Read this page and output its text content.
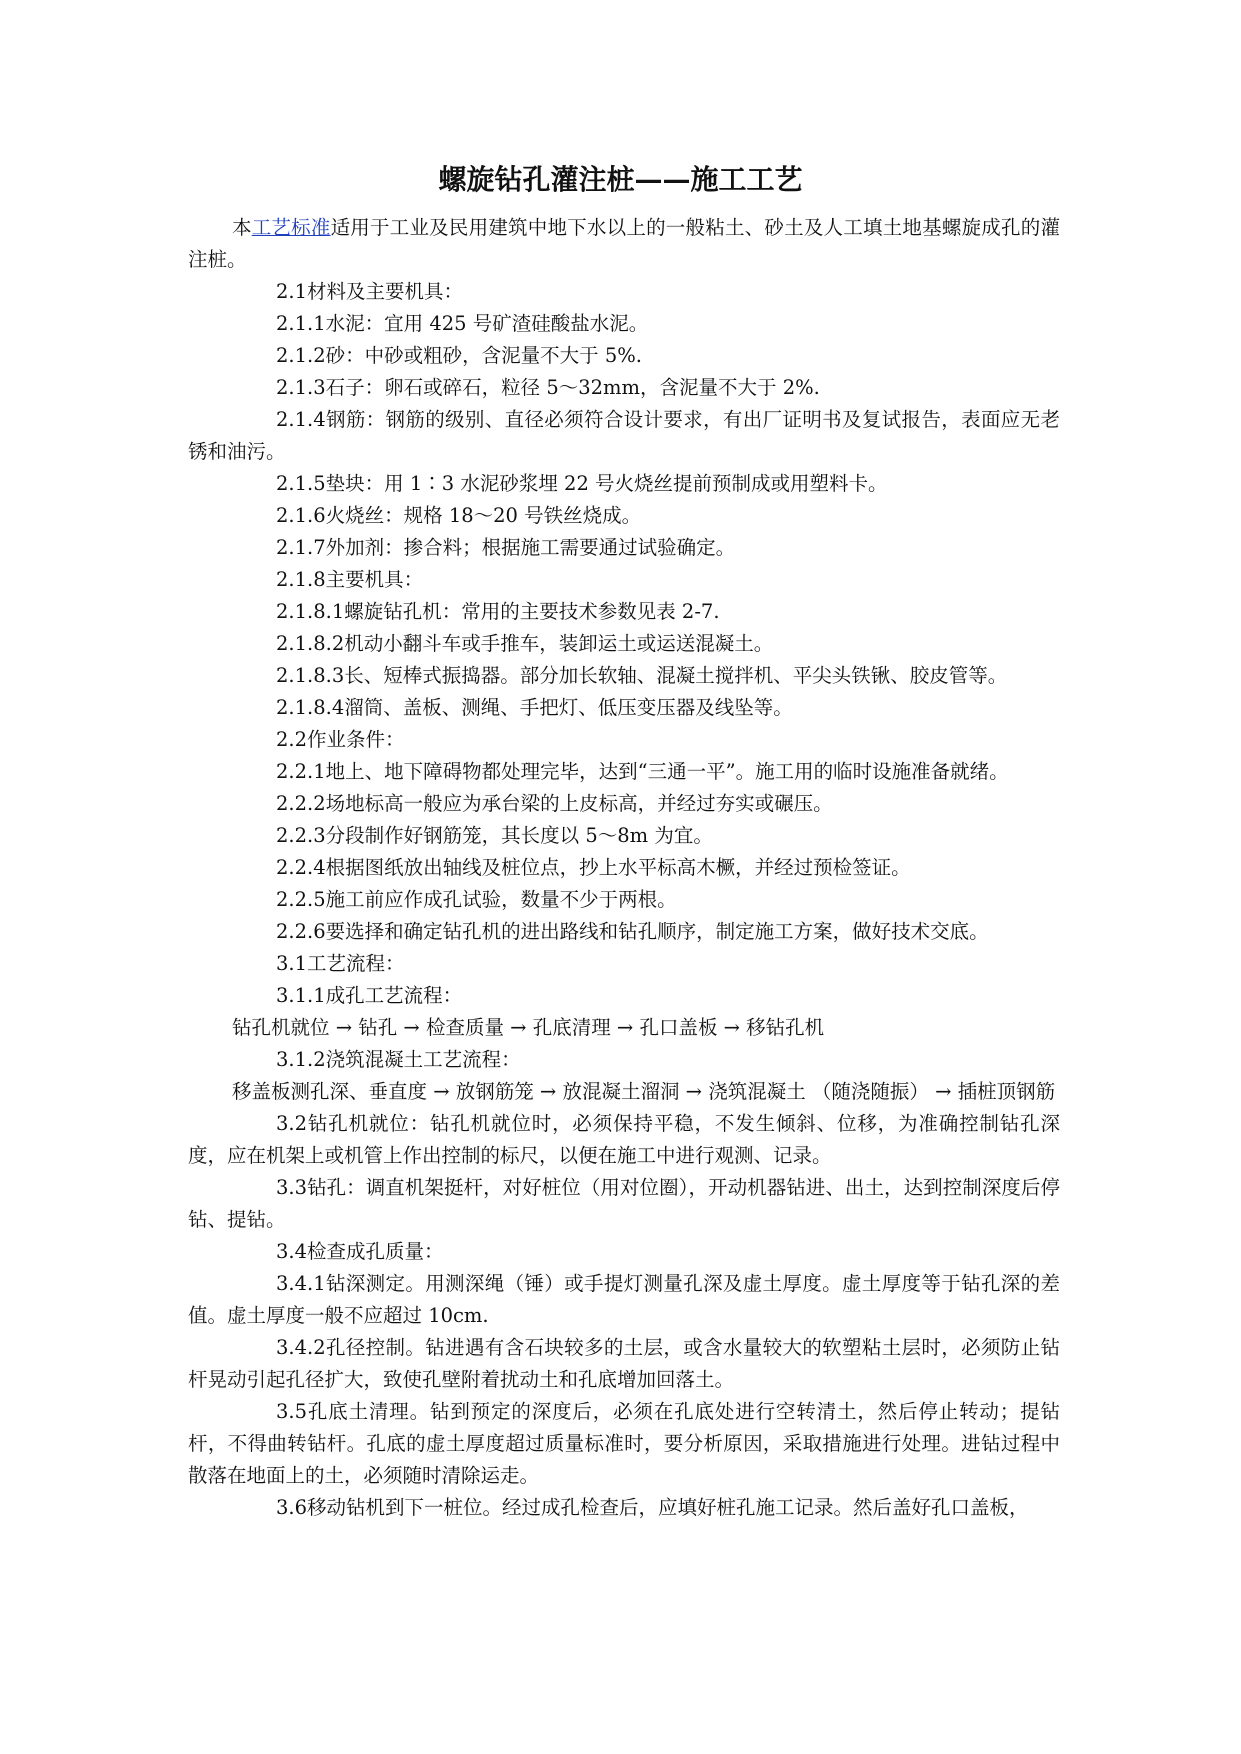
螺旋钻孔灌注桩——施工工艺

本工艺标准适用于工业及民用建筑中地下水以上的一般粘土、砂土及人工填土地基螺旋成孔的灌注桩。

2.1材料及主要机具：

2.1.1水泥：宜用 425 号矿渣硅酸盐水泥。

2.1.2砂：中砂或粗砂，含泥量不大于 5%.

2.1.3石子：卵石或碎石，粒径 5～32mm，含泥量不大于 2%.

2.1.4钢筋：钢筋的级别、直径必须符合设计要求，有出厂证明书及复试报告，表面应无老锈和油污。

2.1.5垫块：用 1∶3 水泥砂浆埋 22 号火烧丝提前预制成或用塑料卡。

2.1.6火烧丝：规格 18～20 号铁丝烧成。

2.1.7外加剂：掺合料；根据施工需要通过试验确定。

2.1.8主要机具：

2.1.8.1螺旋钻孔机：常用的主要技术参数见表 2-7.

2.1.8.2机动小翻斗车或手推车，装卸运土或运送混凝土。

2.1.8.3长、短棒式振捣器。部分加长软轴、混凝土搅拌机、平尖头铁锹、胶皮管等。

2.1.8.4溜筒、盖板、测绳、手把灯、低压变压器及线坠等。

2.2作业条件：

2.2.1地上、地下障碍物都处理完毕，达到“三通一平”。施工用的临时设施准备就绪。

2.2.2场地标高一般应为承台梁的上皮标高，并经过夯实或碾压。

2.2.3分段制作好钢筋笼，其长度以 5～8m 为宜。

2.2.4根据图纸放出轴线及桩位点，抄上水平标高木橛，并经过预检签证。

2.2.5施工前应作成孔试验，数量不少于两根。

2.2.6要选择和确定钻孔机的进出路线和钻孔顺序，制定施工方案，做好技术交底。

3.1工艺流程：

3.1.1成孔工艺流程：

钻孔机就位 → 钻孔 → 检查质量 → 孔底清理 → 孔口盖板 → 移钻孔机

3.1.2浇筑混凝土工艺流程：

移盖板测孔深、垂直度 → 放钢筋笼 → 放混凝土溜洞 → 浇筑混凝土 （随浇随振） → 插桩顶钢筋

3.2钻孔机就位：钻孔机就位时，必须保持平稳，不发生倾斜、位移，为准确控制钻孔深度，应在机架上或机管上作出控制的标尺，以便在施工中进行观测、记录。

3.3钻孔：调直机架挺杆，对好桩位（用对位圈），开动机器钻进、出土，达到控制深度后停钻、提钻。

3.4检查成孔质量：

3.4.1钻深测定。用测深绳（锤）或手提灯测量孔深及虚土厚度。虚土厚度等于钻孔深的差值。虚土厚度一般不应超过 10cm.

3.4.2孔径控制。钻进遇有含石块较多的土层，或含水量较大的软塑粘土层时，必须防止钻杆晃动引起孔径扩大，致使孔壁附着扰动土和孔底增加回落土。

3.5孔底土清理。钻到预定的深度后，必须在孔底处进行空转清土，然后停止转动；提钻杆，不得曲转钻杆。孔底的虚土厚度超过质量标准时，要分析原因，采取措施进行处理。进钻过程中散落在地面上的土，必须随时清除运走。

3.6移动钻机到下一桩位。经过成孔检查后，应填好桩孔施工记录。然后盖好孔口盖板，
